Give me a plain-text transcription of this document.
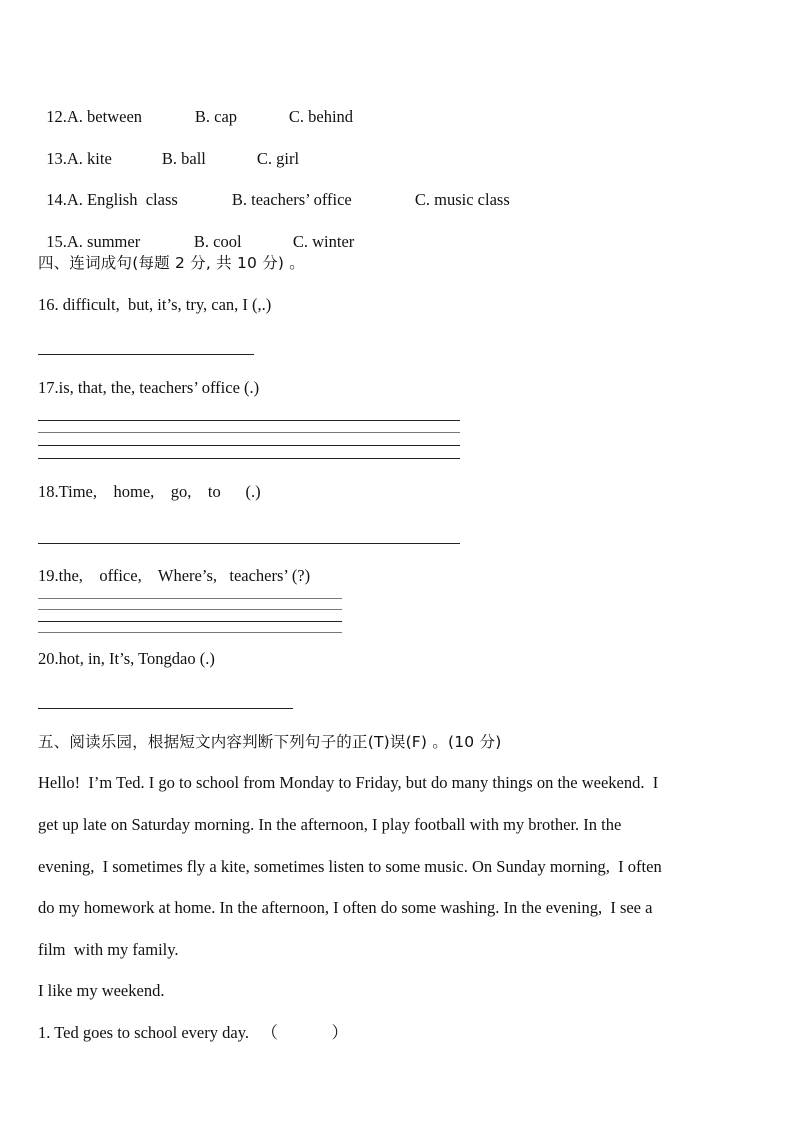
12.A. between	B. cap	C. behind

13.A. kite	B. ball	C. girl

14.A. English  class	B. teachers’ office	C. music class

15.A. summer	B. cool	C. winter

四、连词成句(每题 2 分, 共 10 分) 。
16. difficult,  but, it’s, try, can, I (,.)
17.is, that, the, teachers’ office (.)
18.Time,    home,    go,    to      (.)
19.the,    office,    Where’s,   teachers’ (?)
20.hot, in, It’s, Tongdao (.)
五、阅读乐园，根据短文内容判断下列句子的正(T)误(F) 。(10 分)
Hello!  I’m Ted. I go to school from Monday to Friday, but do many things on the weekend.  I
get up late on Saturday morning. In the afternoon, I play football with my brother. In the
evening,  I sometimes fly a kite, sometimes listen to some music. On Sunday morning,  I often
do my homework at home. In the afternoon, I often do some washing. In the evening,  I see a
film  with my family.
I like my weekend.
1. Ted goes to school every day.   （             ）
